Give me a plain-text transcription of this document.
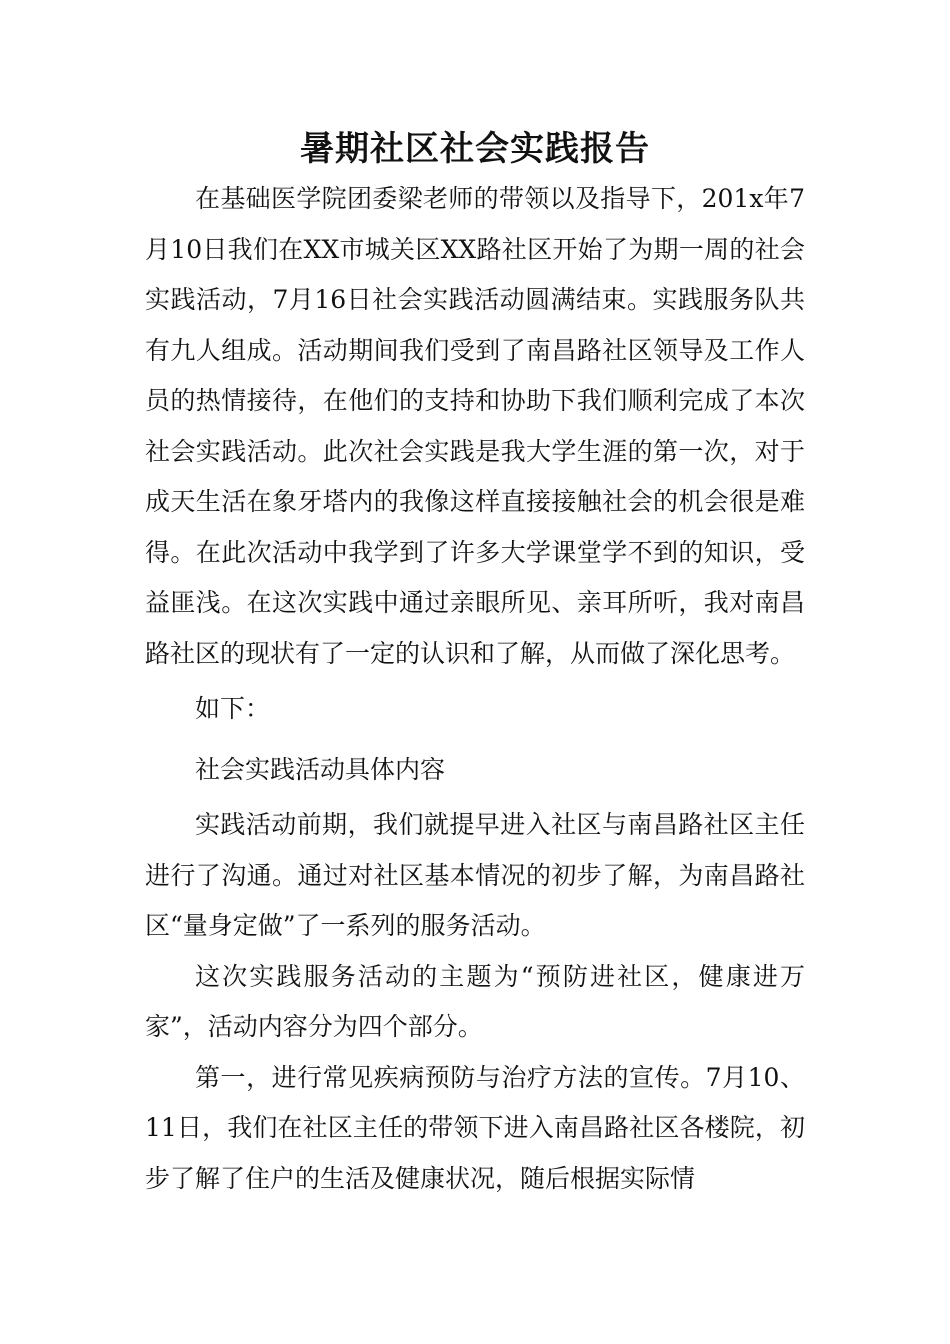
暑期社区社会实践报告

在基础医学院团委梁老师的带领以及指导下，201x年7月10日我们在XX市城关区XX路社区开始了为期一周的社会实践活动，7月16日社会实践活动圆满结束。实践服务队共有九人组成。活动期间我们受到了南昌路社区领导及工作人员的热情接待，在他们的支持和协助下我们顺利完成了本次社会实践活动。此次社会实践是我大学生涯的第一次，对于成天生活在象牙塔内的我像这样直接接触社会的机会很是难得。在此次活动中我学到了许多大学课堂学不到的知识，受益匪浅。在这次实践中通过亲眼所见、亲耳所听，我对南昌路社区的现状有了一定的认识和了解，从而做了深化思考。

如下：

社会实践活动具体内容

实践活动前期，我们就提早进入社区与南昌路社区主任进行了沟通。通过对社区基本情况的初步了解，为南昌路社区“量身定做”了一系列的服务活动。

这次实践服务活动的主题为“预防进社区，健康进万家”，活动内容分为四个部分。

第一，进行常见疾病预防与治疗方法的宣传。7月10、11日，我们在社区主任的带领下进入南昌路社区各楼院，初步了解了住户的生活及健康状况，随后根据实际情
